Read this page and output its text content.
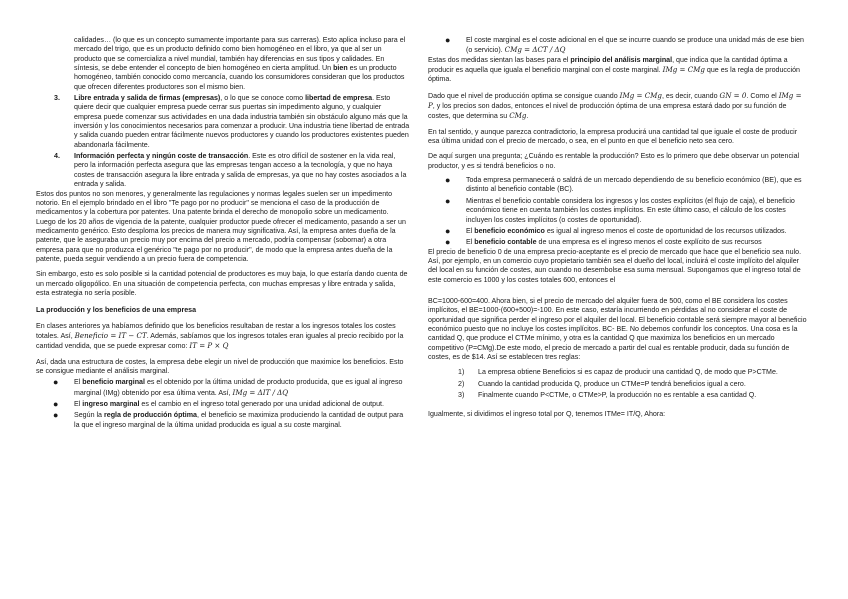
calidades… (lo que es un concepto sumamente importante para sus carreras). Esto aplica incluso para el mercado del trigo, que es un producto definido como bien homogéneo en el libro, ya que al ser un producto que se comercializa a nivel mundial, también hay diferencias en sus tipos y calidades. En síntesis, se debe entender el concepto de bien homogéneo en cierta amplitud. Un bien es un producto homogéneo, también conocido como mercancía, cuando los consumidores consideran que los productos que ofrecen diferentes productores son el mismo bien.
3. Libre entrada y salida de firmas (empresas), o lo que se conoce como libertad de empresa. Esto quiere decir que cualquier empresa puede cerrar sus puertas sin impedimento alguno, y cualquier empresa puede comenzar sus actividades en una dada industria también sin obstáculo alguno más que la inversión y los conocimientos necesarios para comenzar a producir. Una industria tiene libertad de entrada y salida cuando pueden entrar fácilmente nuevos productores y cuando los productores existentes pueden abandonarla fácilmente.
4. Información perfecta y ningún coste de transacción. Este es otro difícil de sostener en la vida real, pero la información perfecta asegura que las empresas tengan acceso a la tecnología, y que no haya costes de transacción asegura la libre entrada y salida de empresas, ya que no hay costes asociados a la entrada y salida.

Estos dos puntos no son menores, y generalmente las regulaciones y normas legales suelen ser un impedimento notorio. En el ejemplo brindado en el libro "Te pago por no producir" se menciona el caso de la producción de medicamentos y la cobertura por patentes. Una patente brinda el derecho de monopolio sobre un medicamento. Luego de los 20 años de vigencia de la patente, cualquier productor puede ofrecer el medicamento, pasando a ser un medicamento genérico. Esto desploma los precios de manera muy significativa. Así, la empresa antes dueña de la patente, que le aseguraba un precio muy por encima del precio a mercado, podría compensar (sobornar) a otra empresa para que no produzca el genérico "te pago por no producir", de modo que la empresa antes dueña de la patente, pueda seguir vendiendo a un precio fuera de competencia.

Sin embargo, esto es solo posible si la cantidad potencial de productores es muy baja, lo que estaría dando cuenta de un mercado oligopólico. En una situación de competencia perfecta, con muchas empresas y libre entrada y salida, esta estrategia no sería posible.

La producción y los beneficios de una empresa

En clases anteriores ya habíamos definido que los beneficios resultaban de restar a los ingresos totales los costes totales. Así, Beneficio = IT − CT. Además, sabíamos que los ingresos totales eran iguales al precio recibido por la cantidad vendida, que se puede expresar como: IT = P × Q

Así, dada una estructura de costes, la empresa debe elegir un nivel de producción que maximice los beneficios. Esto se consigue mediante el análisis marginal.

● El beneficio marginal es el obtenido por la última unidad de producto producida, que es igual al ingreso marginal (IMg) obtenido por esa última venta. Así, IMg = ΔIT / ΔQ
● El ingreso marginal es el cambio en el ingreso total generado por una unidad adicional de output.
● Según la regla de producción óptima, el beneficio se maximiza produciendo la cantidad de output para la que el ingreso marginal de la última unidad producida es igual a su coste marginal.
● El coste marginal es el coste adicional en el que se incurre cuando se produce una unidad más de ese bien (o servicio). CMg = ΔCT / ΔQ

Estas dos medidas sientan las bases para el principio del análisis marginal, que indica que la cantidad óptima a producir es aquella que iguala el beneficio marginal con el coste marginal. IMg = CMg que es la regla de producción óptima.

Dado que el nivel de producción optima se consigue cuando IMg = CMg, es decir, cuando GN = 0. Como el IMg = P, y los precios son dados, entonces el nivel de producción óptima de una empresa estará dado por su función de costes, que determina su CMg.

En tal sentido, y aunque parezca contradictorio, la empresa producirá una cantidad tal que iguale el coste de producir esa última unidad con el precio de mercado, o sea, en el punto en que el beneficio neto sea cero.

De aquí surgen una pregunta; ¿Cuándo es rentable la producción? Esto es lo primero que debe observar un potencial productor, y es si tendrá beneficios o no.

● Toda empresa permanecerá o saldrá de un mercado dependiendo de su beneficio económico (BE), que es distinto al beneficio contable (BC).
● Mientras el beneficio contable considera los ingresos y los costes explícitos (el flujo de caja), el beneficio económico tiene en cuenta también los costes implícitos. En este último caso, el cálculo de los costes incluyen los costes implícitos (o costes de oportunidad).
● El beneficio económico es igual al ingreso menos el coste de oportunidad de los recursos utilizados.
● El beneficio contable de una empresa es el ingreso menos el coste explícito de sus recursos

El precio de beneficio 0 de una empresa precio-aceptante es el precio de mercado que hace que el beneficio sea nulo. Así, por ejemplo, en un comercio cuyo propietario también sea el dueño del local, incluirá el coste implícito del alquiler del local en su función de costes, aun cuando no desembolse esa suma mensual. Supongamos que el ingreso total de este comercio es 1000 y los costes totales 600, entonces el

BC=1000-600=400. Ahora bien, si el precio de mercado del alquiler fuera de 500, como el BE considera los costes implícitos, el BE=1000-(600+500)=-100. En este caso, estaría incurriendo en pérdidas al no considerar el coste de oportunidad que significa perder el ingreso por el alquiler del local. El beneficio contable será siempre mayor al beneficio económico puesto que no incluye los costes implícitos. BC- BE. No debemos confundir los conceptos. Una cosa es la cantidad Q, que produce el CTMe mínimo, y otra es la cantidad Q que maximiza los beneficios en un mercado competitivo (P=CMg).De este modo, el precio de mercado a partir del cual es rentable producir, dada su función de costes, es de $14. Así se establecen tres reglas:

1) La empresa obtiene Beneficios si es capaz de producir una cantidad Q, de modo que P>CTMe.
2) Cuando la cantidad producida Q, produce un CTMe=P tendrá beneficios igual a cero.
3) Finalmente cuando P<CTMe, o CTMe>P, la producción no es rentable a esa cantidad Q.

Igualmente, si dividimos el ingreso total por Q, tenemos ITMe= IT/Q, Ahora:
